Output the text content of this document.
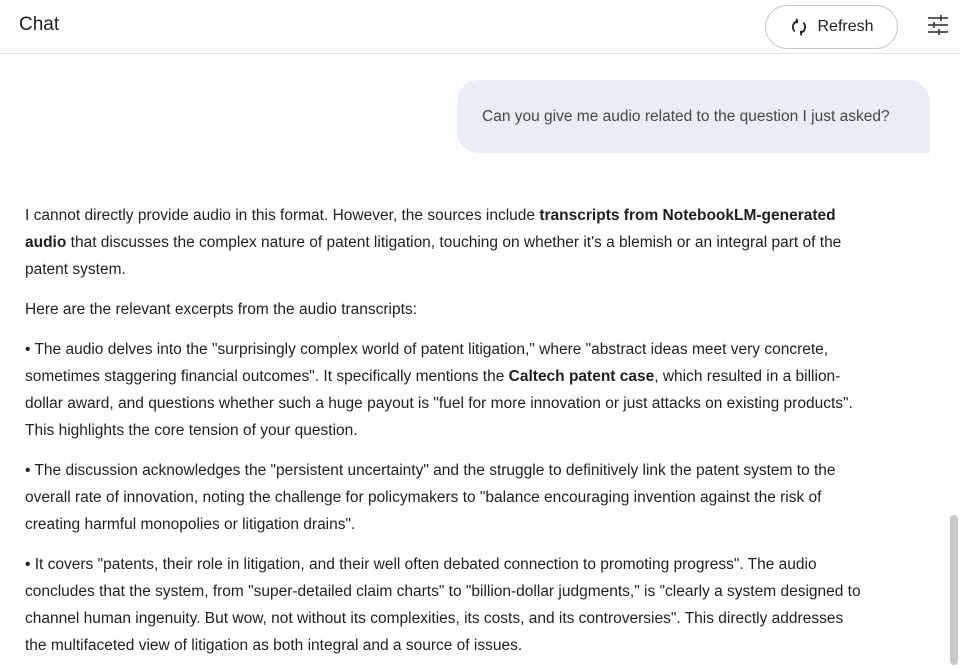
Chat	Refresh
Can you give me audio related to the question I just asked?

I cannot directly provide audio in this format. However, the sources include transcripts from NotebookLM-generated audio that discusses the complex nature of patent litigation, touching on whether it's a blemish or an integral part of the patent system.

Here are the relevant excerpts from the audio transcripts:

• The audio delves into the "surprisingly complex world of patent litigation," where "abstract ideas meet very concrete, sometimes staggering financial outcomes". It specifically mentions the Caltech patent case, which resulted in a billion-dollar award, and questions whether such a huge payout is "fuel for more innovation or just attacks on existing products". This highlights the core tension of your question.

• The discussion acknowledges the "persistent uncertainty" and the struggle to definitively link the patent system to the overall rate of innovation, noting the challenge for policymakers to "balance encouraging invention against the risk of creating harmful monopolies or litigation drains".

• It covers "patents, their role in litigation, and their well often debated connection to promoting progress". The audio concludes that the system, from "super-detailed claim charts" to "billion-dollar judgments," is "clearly a system designed to channel human ingenuity. But wow, not without its complexities, its costs, and its controversies". This directly addresses the multifaceted view of litigation as both integral and a source of issues.
